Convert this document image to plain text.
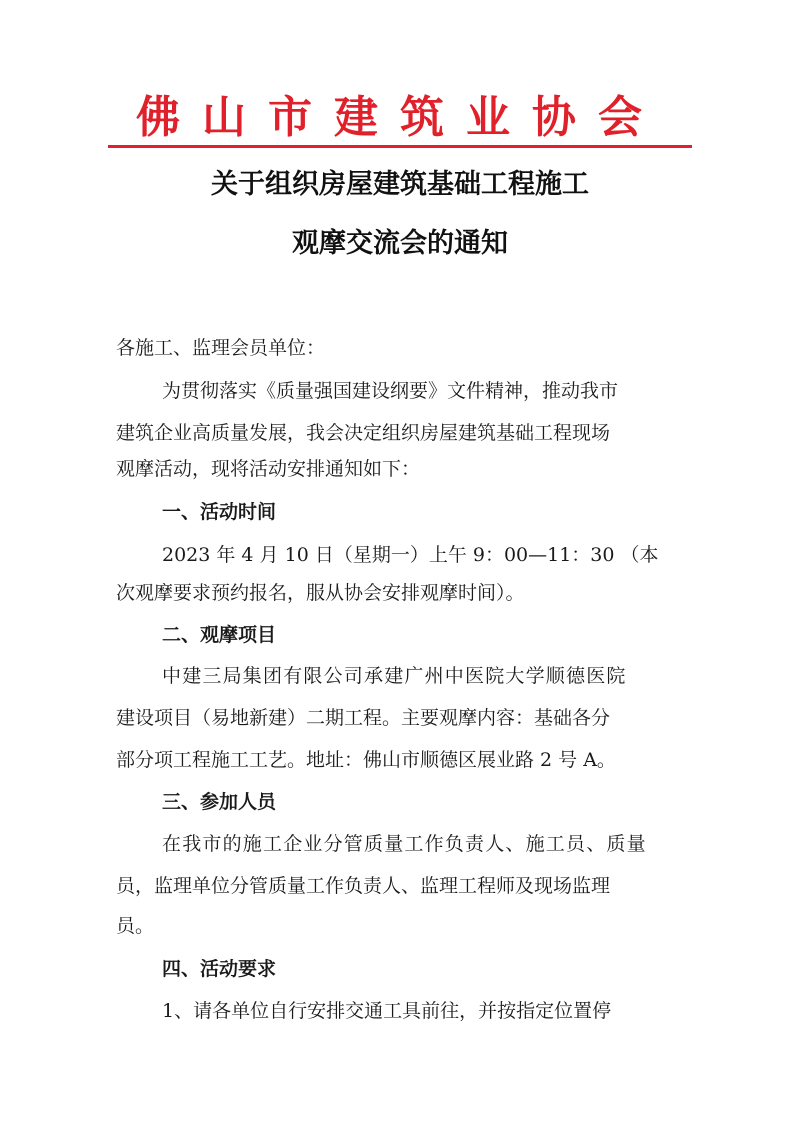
佛山市建筑业协会
关于组织房屋建筑基础工程施工
观摩交流会的通知
各施工、监理会员单位：
为贯彻落实《质量强国建设纲要》文件精神，推动我市
建筑企业高质量发展，我会决定组织房屋建筑基础工程现场
观摩活动，现将活动安排通知如下：
一、活动时间
2023 年 4 月 10 日（星期一）上午 9：00—11：30 （本
次观摩要求预约报名，服从协会安排观摩时间）。
二、观摩项目
中建三局集团有限公司承建广州中医院大学顺德医院
建设项目（易地新建）二期工程。主要观摩内容：基础各分
部分项工程施工工艺。地址：佛山市顺德区展业路 2 号 A。
三、参加人员
在我市的施工企业分管质量工作负责人、施工员、质量
员，监理单位分管质量工作负责人、监理工程师及现场监理
员。
四、活动要求
1、请各单位自行安排交通工具前往，并按指定位置停
